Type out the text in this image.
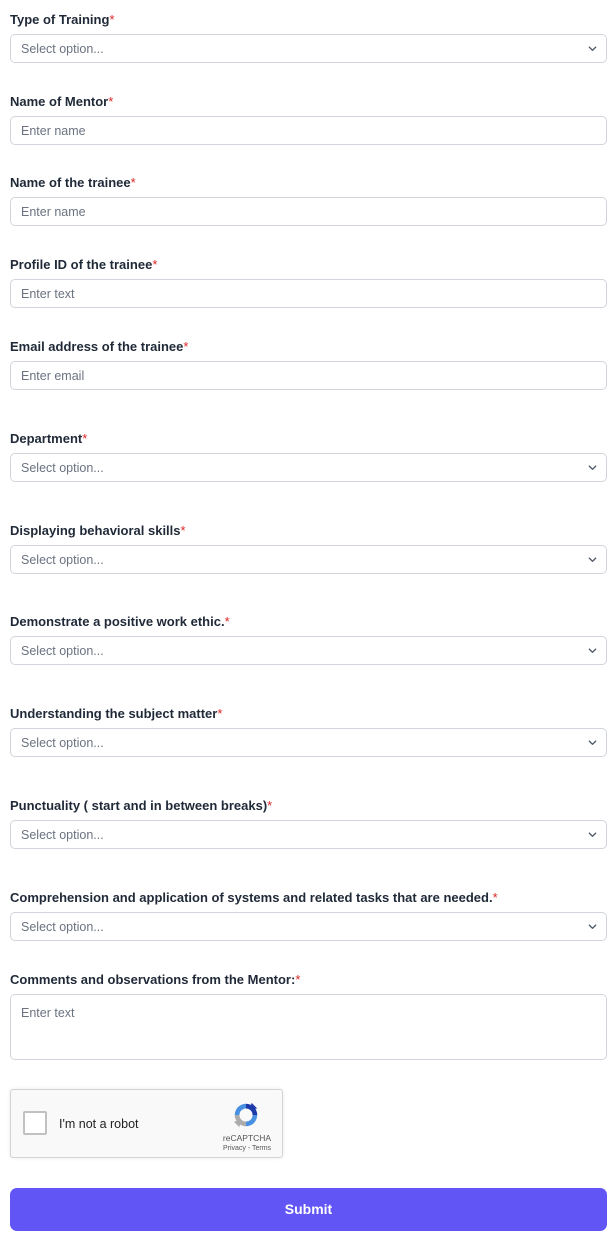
Type of Training*
Select option...
Name of Mentor*
Enter name
Name of the trainee*
Enter name
Profile ID of the trainee*
Enter text
Email address of the trainee*
Enter email
Department*
Select option...
Displaying behavioral skills*
Select option...
Demonstrate a positive work ethic.*
Select option...
Understanding the subject matter*
Select option...
Punctuality ( start and in between breaks)*
Select option...
Comprehension and application of systems and related tasks that are needed.*
Select option...
Comments and observations from the Mentor:*
Enter text
I'm not a robot
reCAPTCHA
Privacy - Terms
Submit
